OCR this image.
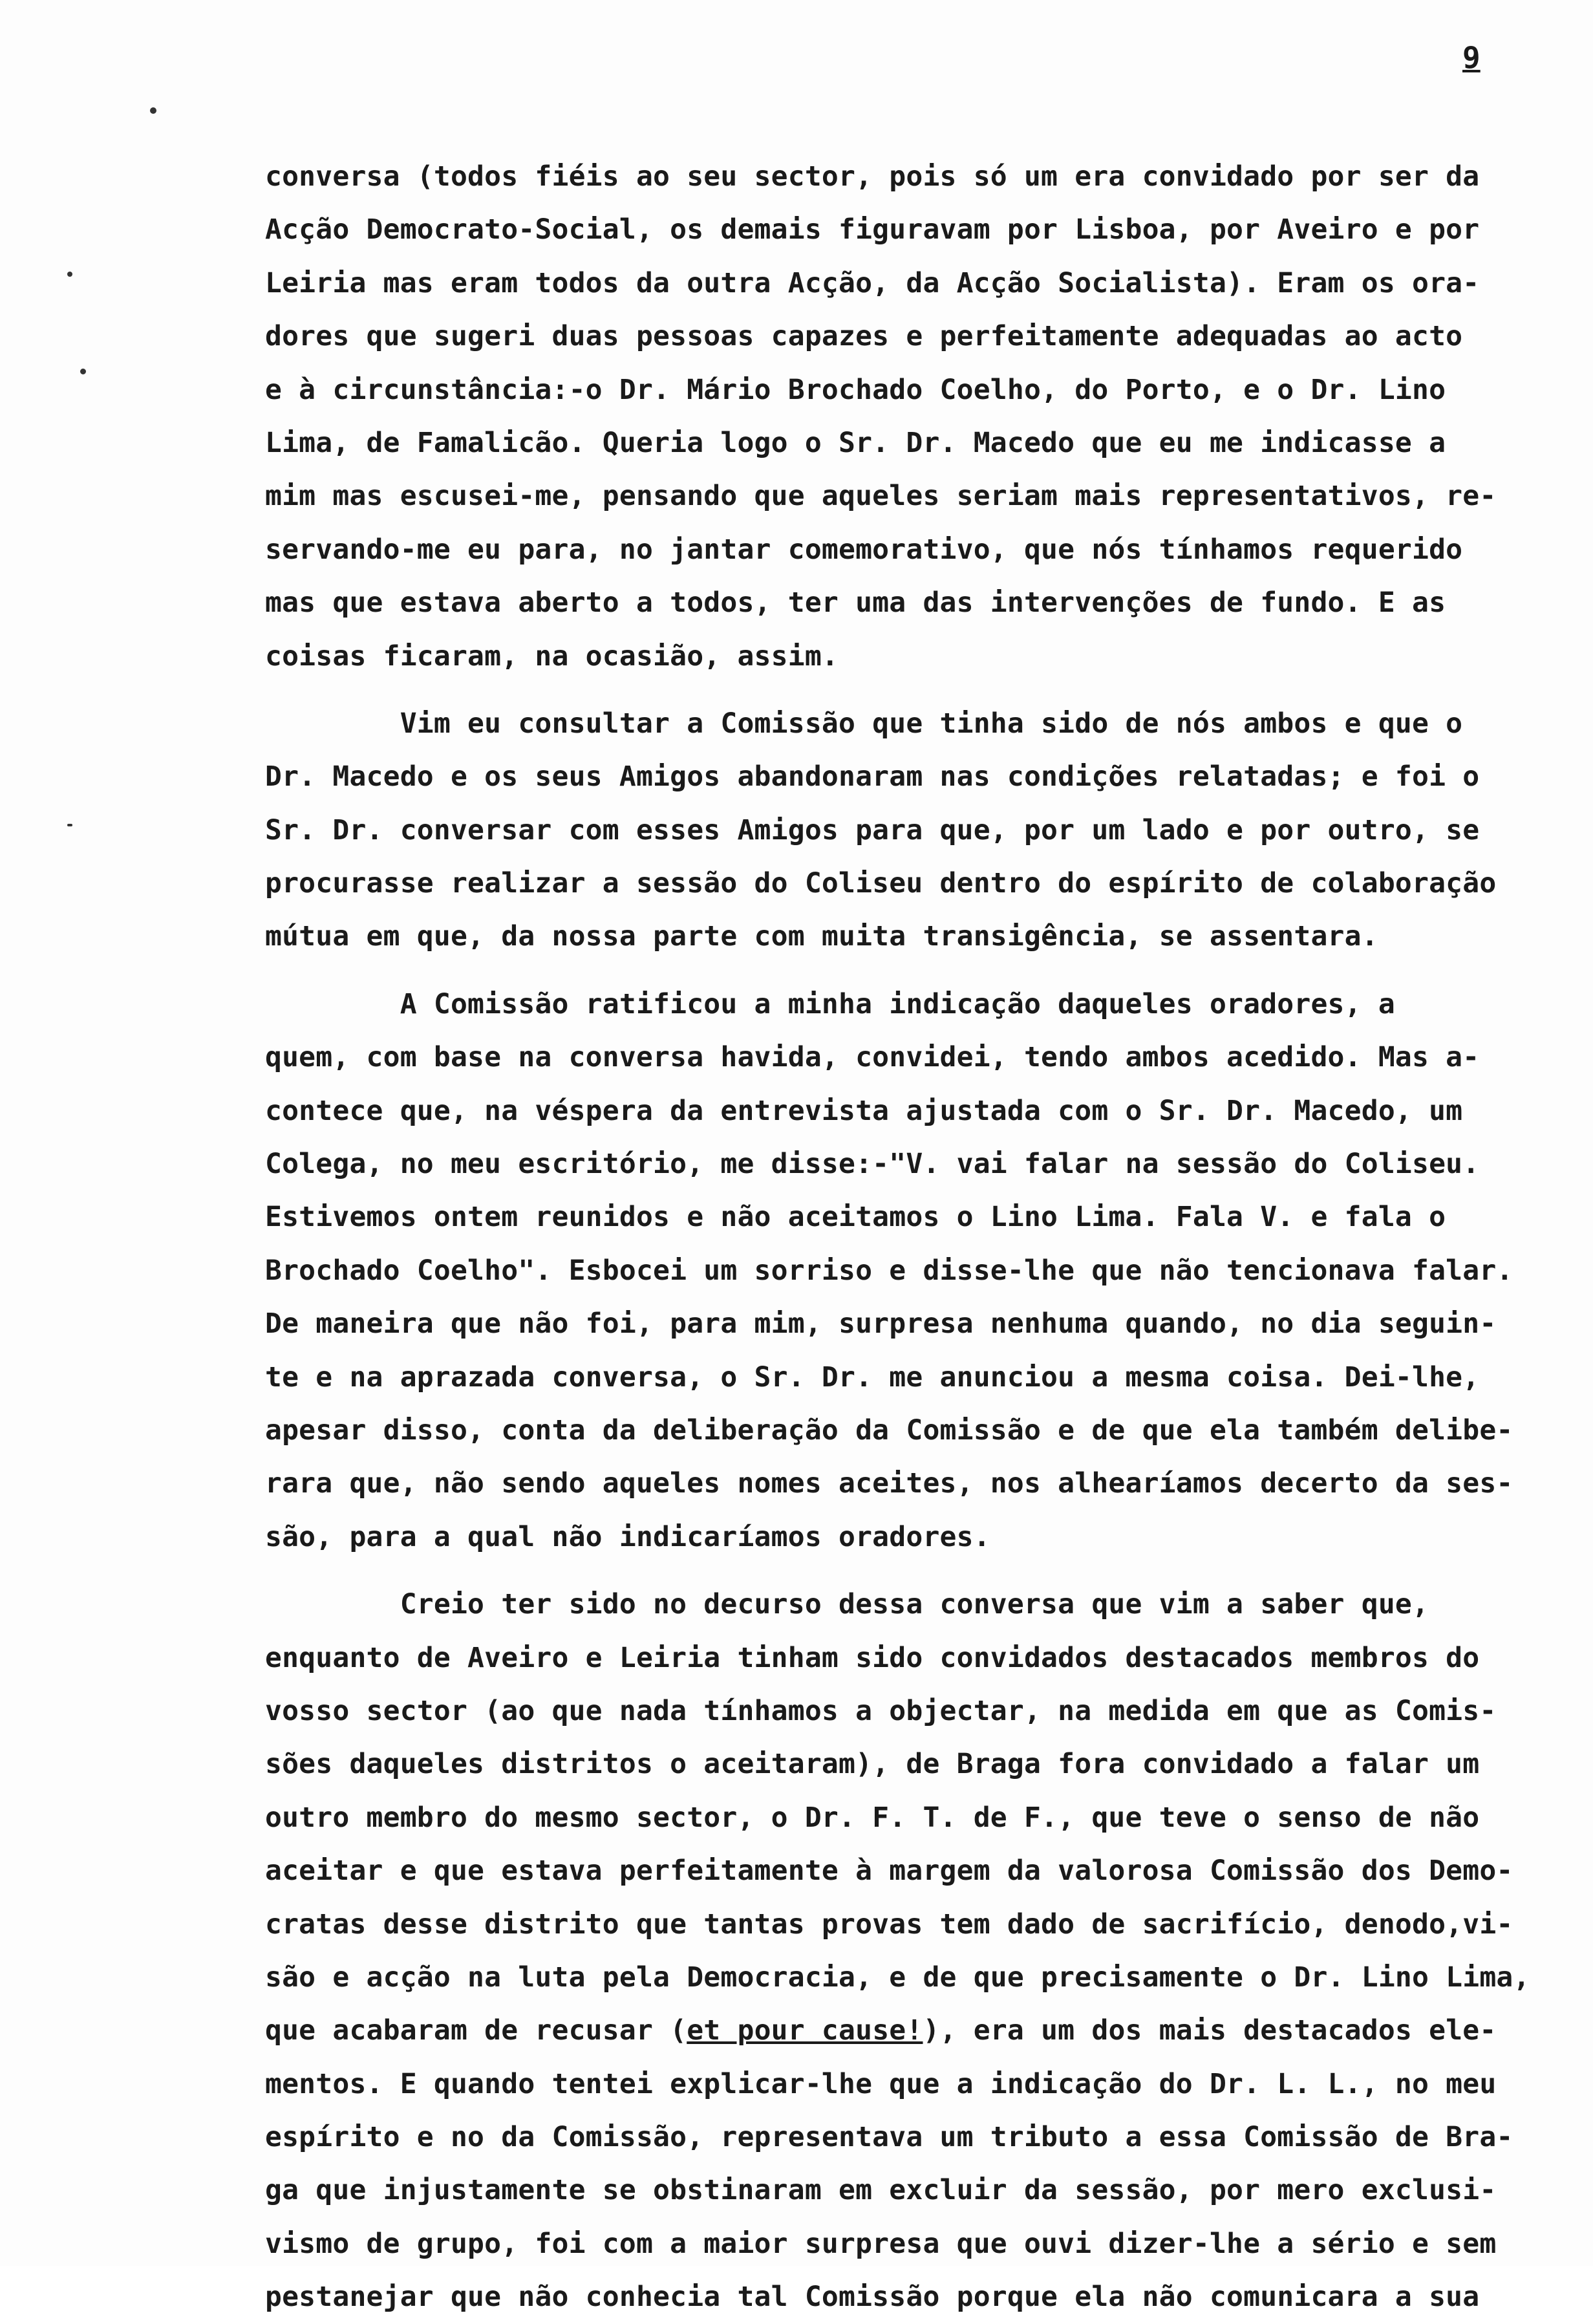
9
conversa (todos fiéis ao seu sector, pois só um era convidado por ser da
Acção Democrato-Social, os demais figuravam por Lisboa, por Aveiro e por
Leiria mas eram todos da outra Acção, da Acção Socialista). Eram os ora-
dores que sugeri duas pessoas capazes e perfeitamente adequadas ao acto
e à circunstância:-o Dr. Mário Brochado Coelho, do Porto, e o Dr. Lino
Lima, de Famalicão. Queria logo o Sr. Dr. Macedo que eu me indicasse a
mim mas escusei-me, pensando que aqueles seriam mais representativos, re-
servando-me eu para, no jantar comemorativo, que nós tínhamos requerido
mas que estava aberto a todos, ter uma das intervenções de fundo. E as
coisas ficaram, na ocasião, assim.
Vim eu consultar a Comissão que tinha sido de nós ambos e que o
Dr. Macedo e os seus Amigos abandonaram nas condições relatadas; e foi o
Sr. Dr. conversar com esses Amigos para que, por um lado e por outro, se
procurasse realizar a sessão do Coliseu dentro do espírito de colaboração
mútua em que, da nossa parte com muita transigência, se assentara.
A Comissão ratificou a minha indicação daqueles oradores, a
quem, com base na conversa havida, convidei, tendo ambos acedido. Mas a-
contece que, na véspera da entrevista ajustada com o Sr. Dr. Macedo, um
Colega, no meu escritório, me disse:-"V. vai falar na sessão do Coliseu.
Estivemos ontem reunidos e não aceitamos o Lino Lima. Fala V. e fala o
Brochado Coelho". Esbocei um sorriso e disse-lhe que não tencionava falar.
De maneira que não foi, para mim, surpresa nenhuma quando, no dia seguin-
te e na aprazada conversa, o Sr. Dr. me anunciou a mesma coisa. Dei-lhe,
apesar disso, conta da deliberação da Comissão e de que ela também delibe-
rara que, não sendo aqueles nomes aceites, nos alhearíamos decerto da ses-
são, para a qual não indicaríamos oradores.
Creio ter sido no decurso dessa conversa que vim a saber que,
enquanto de Aveiro e Leiria tinham sido convidados destacados membros do
vosso sector (ao que nada tínhamos a objectar, na medida em que as Comis-
sões daqueles distritos o aceitaram), de Braga fora convidado a falar um
outro membro do mesmo sector, o Dr. F. T. de F., que teve o senso de não
aceitar e que estava perfeitamente à margem da valorosa Comissão dos Demo-
cratas desse distrito que tantas provas tem dado de sacrifício, denodo,vi-
são e acção na luta pela Democracia, e de que precisamente o Dr. Lino Lima,
que acabaram de recusar (et pour cause!), era um dos mais destacados ele-
mentos. E quando tentei explicar-lhe que a indicação do Dr. L. L., no meu
espírito e no da Comissão, representava um tributo a essa Comissão de Bra-
ga que injustamente se obstinaram em excluir da sessão, por mero exclusi-
vismo de grupo, foi com a maior surpresa que ouvi dizer-lhe a sério e sem
pestanejar que não conhecia tal Comissão porque ela não comunicara a sua
